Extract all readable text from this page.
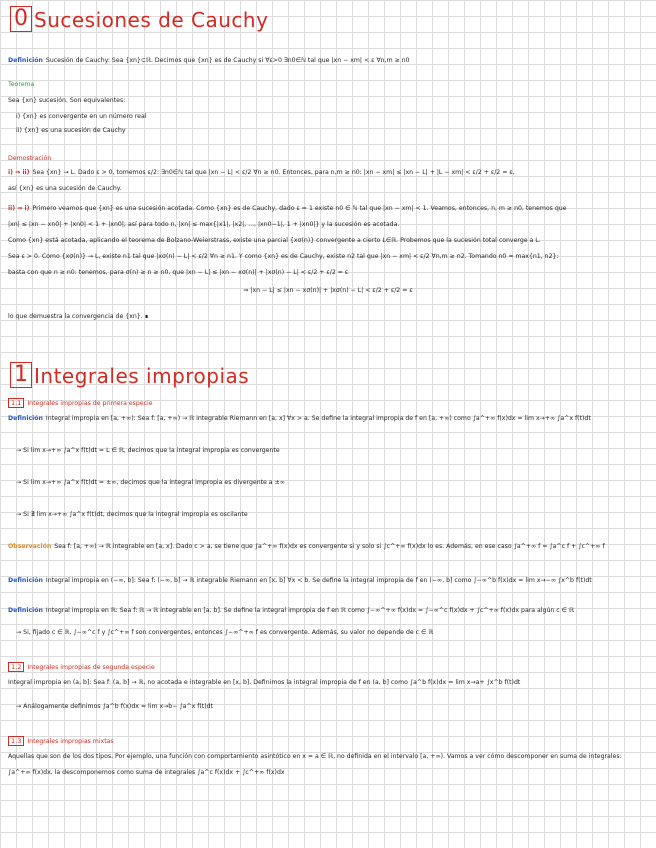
0 Sucesiones de Cauchy
Definición Sucesión de Cauchy: Sea {xn}⊂ℝ. Decimos que {xn} es de Cauchy si ∀ε>0 ∃n0∈ℕ tal que |xn − xm| < ε ∀n,m ≥ n0
Teorema
Sea {xn} sucesión. Son equivalentes:
i) {xn} es convergente en un número real
ii) {xn} es una sucesión de Cauchy
Demostración
i) ⇒ ii) Sea {xn} → L. Dado ε > 0, tomemos ε/2: ∃n0∈ℕ tal que |xn − L| < ε/2 ∀n ≥ n0. Entonces, para n,m ≥ n0: |xn − xm| ≤ |xn − L| + |L − xm| < ε/2 + ε/2 = ε,
así {xn} es una sucesión de Cauchy.
ii) ⇒ i) Primero veamos que {xn} es una sucesión acotada. Como {xn} es de Cauchy, dado ε = 1 existe n0 ∈ ℕ tal que |xn − xm| < 1. Veamos, entonces, n, m ≥ n0, tenemos que
|xn| ≤ |xn − xn0| + |xn0| < 1 + |xn0|; así para todo n, |xn| ≤ max{|x1|, |x2|, ..., |xn0−1|, 1 + |xn0|} y la sucesión es acotada.
Como {xn} está acotada, aplicando el teorema de Bolzano-Weierstrass, existe una parcial {xσ(n)} convergente a cierto L∈ℝ. Probemos que la sucesión total converge a L.
Sea ε > 0. Como {xσ(n)} → L, existe n1 tal que |xσ(n) − L| < ε/2 ∀n ≥ n1. Y como {xn} es de Cauchy, existe n2 tal que |xn − xm| < ε/2 ∀n,m ≥ n2. Tomando n0 = max{n1, n2}:
basta con que n ≥ n0: tenemos, para σ(n) ≥ n ≥ n0, que |xn − L| ≤ |xn − xσ(n)| + |xσ(n) − L| < ε/2 + ε/2 = ε
⇒ |xn − L| ≤ |xn − xσ(n)| + |xσ(n) − L| < ε/2 + ε/2 = ε
lo que demuestra la convergencia de {xn}. ∎
1 Integrales impropias
1.1 Integrales impropias de primera especie
Definición Integral impropia en [a, +∞): Sea f: [a, +∞) → ℝ integrable Riemann en [a, x] ∀x > a. Se define la integral impropia de f en [a, +∞) como ∫a^+∞ f(x)dx = lim x→+∞ ∫a^x f(t)dt
→ Si lim x→+∞ ∫a^x f(t)dt = L ∈ ℝ, decimos que la integral impropia es convergente
→ Si lim x→+∞ ∫a^x f(t)dt = ±∞, decimos que la integral impropia es divergente a ±∞
→ Si ∄ lim x→+∞ ∫a^x f(t)dt, decimos que la integral impropia es oscilante
Observación Sea f: [a, +∞) → ℝ integrable en [a, x]. Dado c > a, se tiene que ∫a^+∞ f(x)dx es convergente si y solo si ∫c^+∞ f(x)dx lo es. Además, en ese caso ∫a^+∞ f = ∫a^c f + ∫c^+∞ f
Definición Integral impropia en (−∞, b]: Sea f: (−∞, b] → ℝ integrable Riemann en [x, b] ∀x < b. Se define la integral impropia de f en (−∞, b] como ∫−∞^b f(x)dx = lim x→−∞ ∫x^b f(t)dt
Definición Integral impropia en ℝ: Sea f: ℝ → ℝ integrable en [a, b]. Se define la integral impropia de f en ℝ como ∫−∞^+∞ f(x)dx = ∫−∞^c f(x)dx + ∫c^+∞ f(x)dx para algún c ∈ ℝ
→ Si, fijado c ∈ ℝ, ∫−∞^c f y ∫c^+∞ f son convergentes, entonces ∫−∞^+∞ f es convergente. Además, su valor no depende de c ∈ ℝ
1.2 Integrales impropias de segunda especie
Integral impropia en (a, b]: Sea f: (a, b] → ℝ, no acotada e integrable en [x, b]. Definimos la integral impropia de f en (a, b] como ∫a^b f(x)dx = lim x→a+ ∫x^b f(t)dt
→ Análogamente definimos ∫a^b f(x)dx = lim x→b− ∫a^x f(t)dt
1.3 Integrales impropias mixtas
Aquellas que son de los dos tipos. Por ejemplo, una función con comportamiento asintótico en x = a ∈ ℝ, no definida en el intervalo [a, +∞). Vamos a ver cómo descomponer en suma de integrales:
∫a^+∞ f(x)dx, la descomponemos como suma de integrales ∫a^c f(x)dx + ∫c^+∞ f(x)dx
